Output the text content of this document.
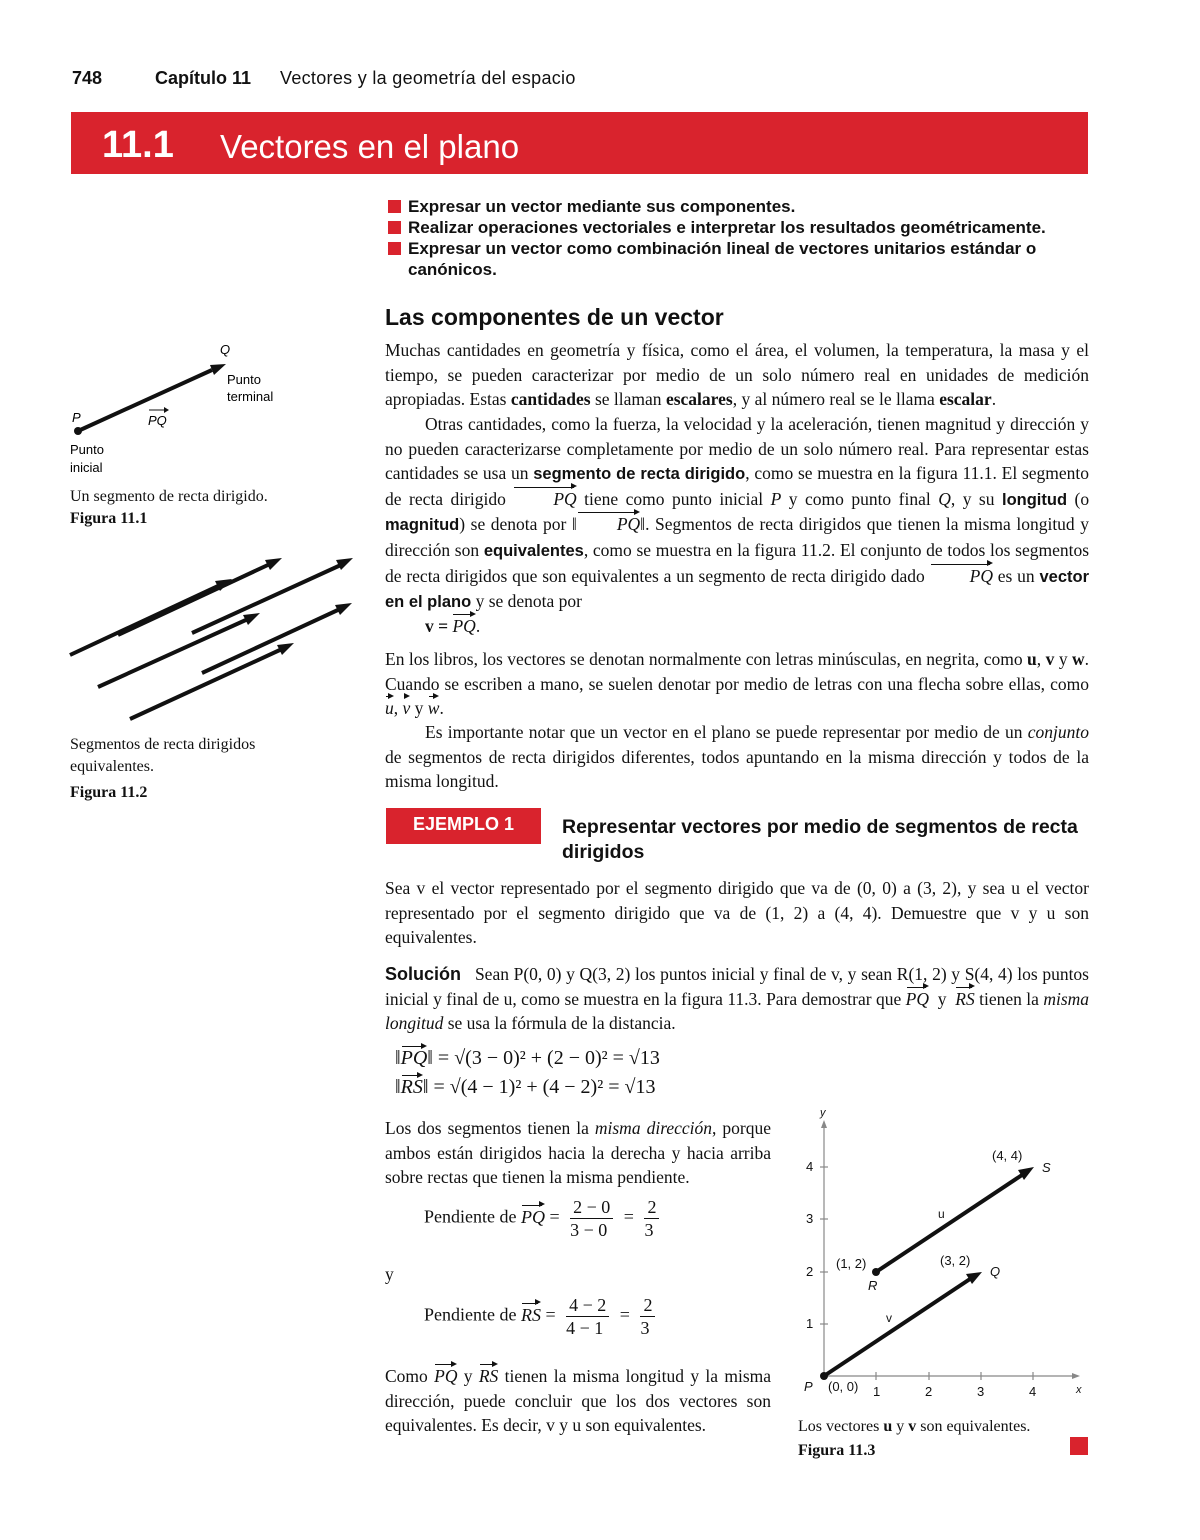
748	Capítulo 11 Vectores y la geometría del espacio
11.1 Vectores en el plano
Expresar un vector mediante sus componentes.
Realizar operaciones vectoriales e interpretar los resultados geométricamente.
Expresar un vector como combinación lineal de vectores unitarios estándar o canónicos.
Las componentes de un vector
Muchas cantidades en geometría y física, como el área, el volumen, la temperatura, la masa y el tiempo, se pueden caracterizar por medio de un solo número real en unidades de medición apropiadas. Estas cantidades se llaman escalares, y al número real se le llama escalar.
Otras cantidades, como la fuerza, la velocidad y la aceleración, tienen magnitud y dirección y no pueden caracterizarse completamente por medio de un solo número real. Para representar estas cantidades se usa un segmento de recta dirigido, como se muestra en la figura 11.1. El segmento de recta dirigido	PQ tiene como punto inicial P y como punto final Q, y su longitud (o magnitud) se denota por ‖ PQ‖. Segmentos de recta dirigidos que tienen la misma longitud y dirección son equivalentes, como se muestra en la figura 11.2. El conjunto de todos los segmentos de recta dirigidos que son equivalentes a un segmento de recta dirigido dado	PQ es un vector en el plano y se denota por
v = PQ.
En los libros, los vectores se denotan normalmente con letras minúsculas, en negrita, como u, v y w. Cuando se escriben a mano, se suelen denotar por medio de letras con una flecha sobre ellas, como u, v y w.
Es importante notar que un vector en el plano se puede representar por medio de un conjunto de segmentos de recta dirigidos diferentes, todos apuntando en la misma dirección y todos de la misma longitud.
EJEMPLO 1	Representar vectores por medio de segmentos de recta dirigidos
Sea v el vector representado por el segmento dirigido que va de (0, 0) a (3, 2), y sea u el vector representado por el segmento dirigido que va de (1, 2) a (4, 4). Demuestre que v y u son equivalentes.
Solución Sean P(0, 0) y Q(3, 2) los puntos inicial y final de v, y sean R(1, 2) y S(4, 4) los puntos inicial y final de u, como se muestra en la figura 11.3. Para demostrar que PQ y RS tienen la misma longitud se usa la fórmula de la distancia.
‖PQ‖ = √(3 − 0)² + (2 − 0)² = √13
‖RS‖ = √(4 − 1)² + (4 − 2)² = √13
Los dos segmentos tienen la misma dirección, porque ambos están dirigidos hacia la derecha y hacia arriba sobre rectas que tienen la misma pendiente.
Pendiente de PQ = $\frac{2 - 0}{3 - 0} = \frac{2}{3}$
y
Pendiente de RS = $\frac{4 - 2}{4 - 1} = \frac{2}{3}$
Como PQ y RS tienen la misma longitud y la misma dirección, puede concluir que los dos vectores son equivalentes. Es decir, v y u son equivalentes.
Q
P	PQ
Punto terminal
Punto inicial
Un segmento de recta dirigido.
Figura 11.1
Segmentos de recta dirigidos equivalentes.
Figura 11.2
x
y
1	2	3	4
1
2
3
4
(4, 4)
S
(1, 2)
R
(3, 2)
Q
P (0, 0)
u
v
Los vectores u y v son equivalentes.
Figura 11.3
